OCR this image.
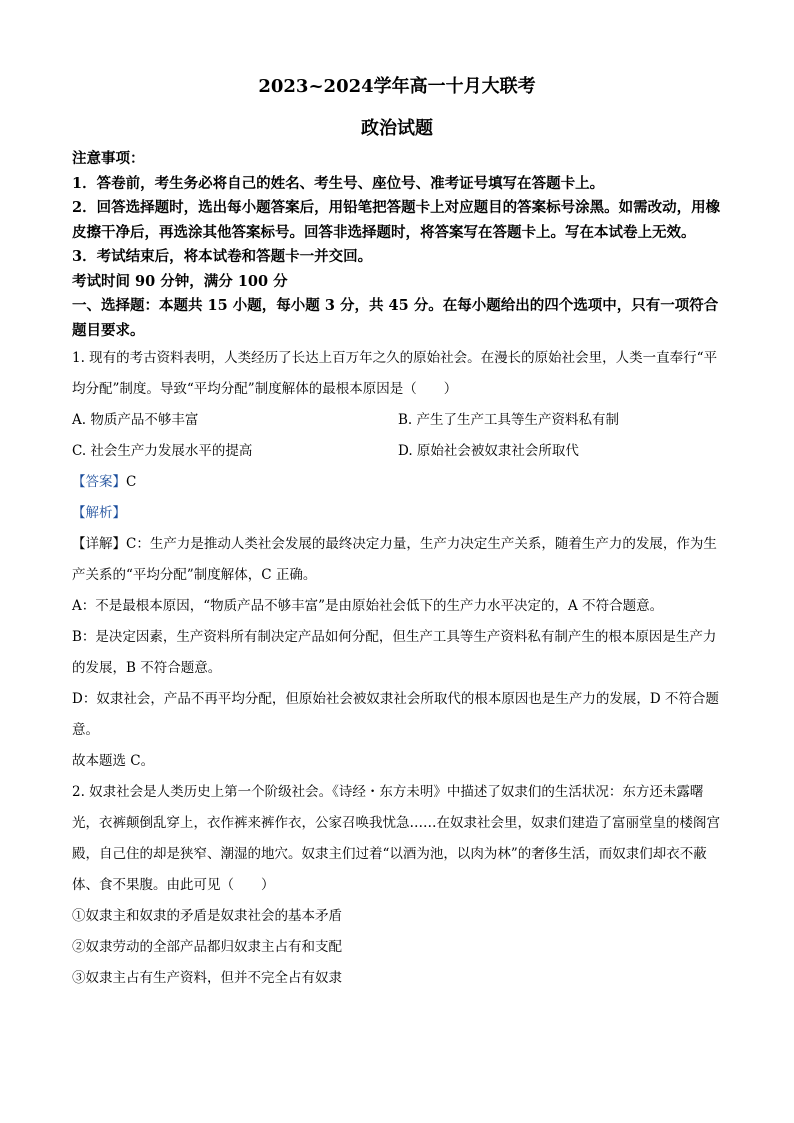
2023~2024学年高一十月大联考
政治试题
注意事项：
1．答卷前，考生务必将自己的姓名、考生号、座位号、准考证号填写在答题卡上。
2．回答选择题时，选出每小题答案后，用铅笔把答题卡上对应题目的答案标号涂黑。如需改动，用橡皮擦干净后，再选涂其他答案标号。回答非选择题时，将答案写在答题卡上。写在本试卷上无效。
3．考试结束后，将本试卷和答题卡一并交回。
考试时间 90 分钟，满分 100 分
一、选择题：本题共 15 小题，每小题 3 分，共 45 分。在每小题给出的四个选项中，只有一项符合题目要求。

1. 现有的考古资料表明，人类经历了长达上百万年之久的原始社会。在漫长的原始社会里，人类一直奉行“平均分配”制度。导致“平均分配”制度解体的最根本原因是（　　）

A. 物质产品不够丰富	B. 产生了生产工具等生产资料私有制
C. 社会生产力发展水平的提高	D. 原始社会被奴隶社会所取代

【答案】C

【解析】

【详解】C：生产力是推动人类社会发展的最终决定力量，生产力决定生产关系，随着生产力的发展，作为生产关系的“平均分配”制度解体，C 正确。

A：不是最根本原因，“物质产品不够丰富”是由原始社会低下的生产力水平决定的，A 不符合题意。

B：是决定因素，生产资料所有制决定产品如何分配，但生产工具等生产资料私有制产生的根本原因是生产力的发展，B 不符合题意。

D：奴隶社会，产品不再平均分配，但原始社会被奴隶社会所取代的根本原因也是生产力的发展，D 不符合题意。

故本题选 C。

2. 奴隶社会是人类历史上第一个阶级社会。《诗经・东方未明》中描述了奴隶们的生活状况：东方还未露曙光，衣裤颠倒乱穿上，衣作裤来裤作衣，公家召唤我忧急……在奴隶社会里，奴隶们建造了富丽堂皇的楼阁宫殿，自己住的却是狭窄、潮湿的地穴。奴隶主们过着“以酒为池，以肉为林”的奢侈生活，而奴隶们却衣不蔽体、食不果腹。由此可见（　　）

①奴隶主和奴隶的矛盾是奴隶社会的基本矛盾

②奴隶劳动的全部产品都归奴隶主占有和支配

③奴隶主占有生产资料，但并不完全占有奴隶
